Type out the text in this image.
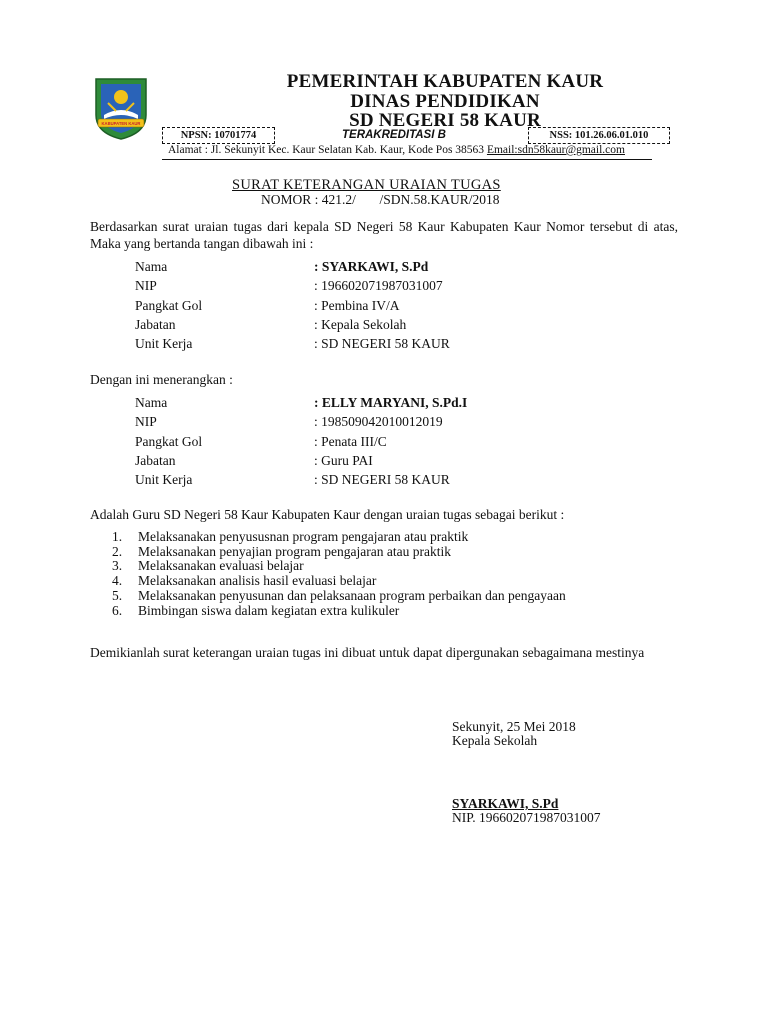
KABUPATEN KAUR
PEMERINTAH KABUPATEN KAUR
DINAS PENDIDIKAN
SD NEGERI 58 KAUR
NPSN: 10701774	TERAKREDITASI B	NSS: 101.26.06.01.010
Alamat : Jl. Sekunyit Kec. Kaur Selatan Kab. Kaur, Kode Pos 38563 Email:sdn58kaur@gmail.com
SURAT KETERANGAN URAIAN TUGAS
NOMOR : 421.2/       /SDN.58.KAUR/2018
Berdasarkan surat uraian tugas dari kepala SD Negeri 58 Kaur Kabupaten Kaur Nomor tersebut di atas, Maka yang bertanda tangan dibawah ini :
Nama	: SYARKAWI, S.Pd
NIP	: 196602071987031007
Pangkat Gol	: Pembina IV/A
Jabatan	: Kepala Sekolah
Unit Kerja	: SD NEGERI 58 KAUR
Dengan ini menerangkan :
Nama	: ELLY MARYANI, S.Pd.I
NIP	: 198509042010012019
Pangkat Gol	: Penata III/C
Jabatan	: Guru PAI
Unit Kerja	: SD NEGERI 58 KAUR
Adalah Guru SD Negeri 58 Kaur Kabupaten Kaur dengan uraian tugas sebagai berikut :
1. Melaksanakan penyususnan program pengajaran atau praktik
2. Melaksanakan penyajian program pengajaran atau praktik
3. Melaksanakan evaluasi belajar
4. Melaksanakan analisis hasil evaluasi belajar
5. Melaksanakan penyusunan dan pelaksanaan program perbaikan dan pengayaan
6. Bimbingan siswa dalam kegiatan extra kulikuler
Demikianlah surat keterangan uraian tugas ini dibuat untuk dapat dipergunakan sebagaimana mestinya
Sekunyit, 25 Mei 2018
Kepala Sekolah
SYARKAWI, S.Pd
NIP. 196602071987031007
